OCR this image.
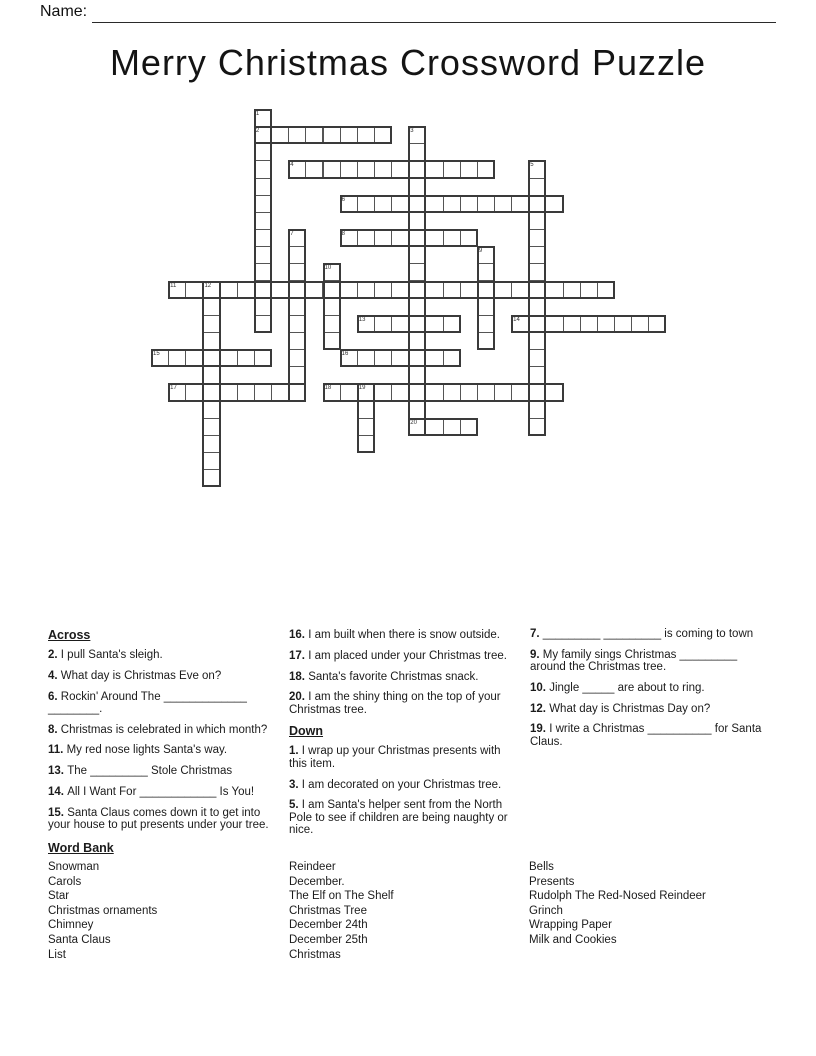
Name:
Merry Christmas Crossword Puzzle
1
2	3
4	5
6
7	8
9
10
11	12
13	14
15	16
17	18	19
20
Across
2. I pull Santa's sleigh.
4. What day is Christmas Eve on?
6. Rockin' Around The _____________ ________.
8. Christmas is celebrated in which month?
11. My red nose lights Santa's way.
13. The _________ Stole Christmas
14. All I Want For ____________ Is You!
15. Santa Claus comes down it to get into your house to put presents under your tree.
16. I am built when there is snow outside.
17. I am placed under your Christmas tree.
18. Santa's favorite Christmas snack.
20. I am the shiny thing on the top of your Christmas tree.
Down
1. I wrap up your Christmas presents with this item.
3. I am decorated on your Christmas tree.
5. I am Santa's helper sent from the North Pole to see if children are being naughty or nice.
7. _________ _________ is coming to town
9. My family sings Christmas _________ around the Christmas tree.
10. Jingle _____ are about to ring.
12. What day is Christmas Day on?
19. I write a Christmas __________ for Santa Claus.
Word Bank
Snowman
Carols
Star
Christmas ornaments
Chimney
Santa Claus
List
Reindeer
December.
The Elf on The Shelf
Christmas Tree
December 24th
December 25th
Christmas
Bells
Presents
Rudolph The Red-Nosed Reindeer
Grinch
Wrapping Paper
Milk and Cookies
